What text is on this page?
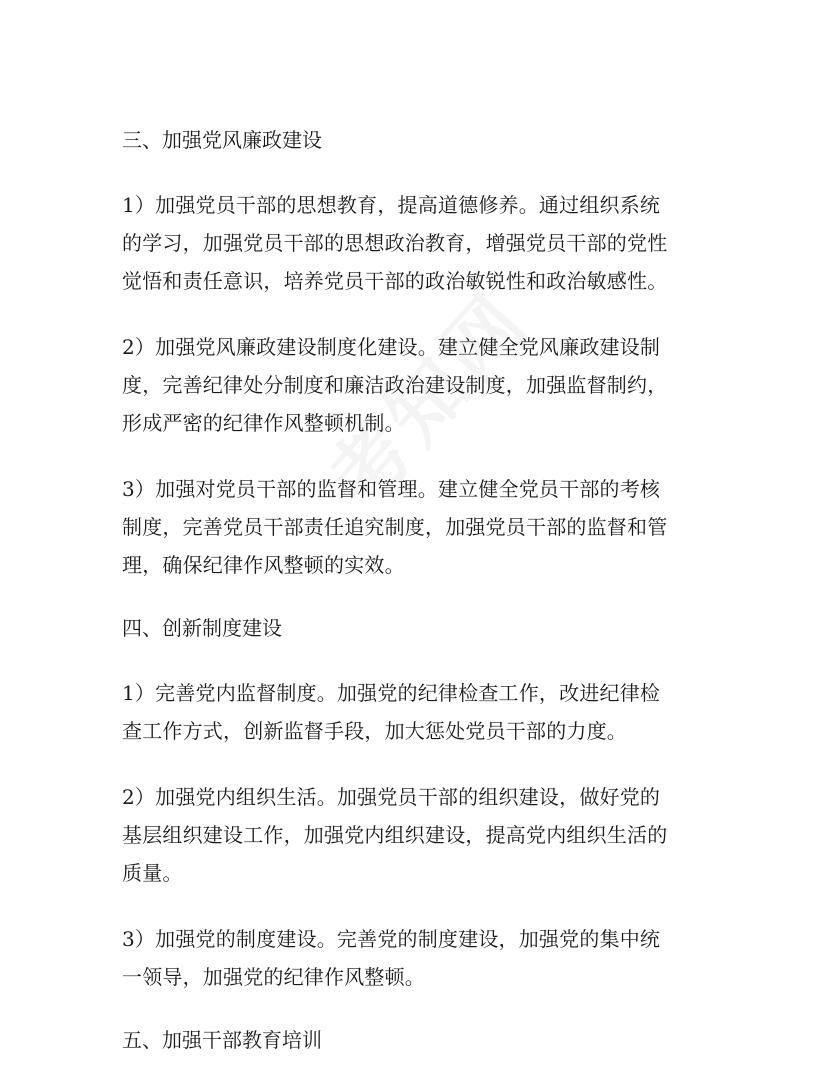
三、加强党风廉政建设
1）加强党员干部的思想教育，提高道德修养。通过组织系统
的学习，加强党员干部的思想政治教育，增强党员干部的党性
觉悟和责任意识，培养党员干部的政治敏锐性和政治敏感性。
2）加强党风廉政建设制度化建设。建立健全党风廉政建设制
度，完善纪律处分制度和廉洁政治建设制度，加强监督制约，
形成严密的纪律作风整顿机制。
3）加强对党员干部的监督和管理。建立健全党员干部的考核
制度，完善党员干部责任追究制度，加强党员干部的监督和管
理，确保纪律作风整顿的实效。
四、创新制度建设
1）完善党内监督制度。加强党的纪律检查工作，改进纪律检
查工作方式，创新监督手段，加大惩处党员干部的力度。
2）加强党内组织生活。加强党员干部的组织建设，做好党的
基层组织建设工作，加强党内组织建设，提高党内组织生活的
质量。
3）加强党的制度建设。完善党的制度建设，加强党的集中统
一领导，加强党的纪律作风整顿。
五、加强干部教育培训
